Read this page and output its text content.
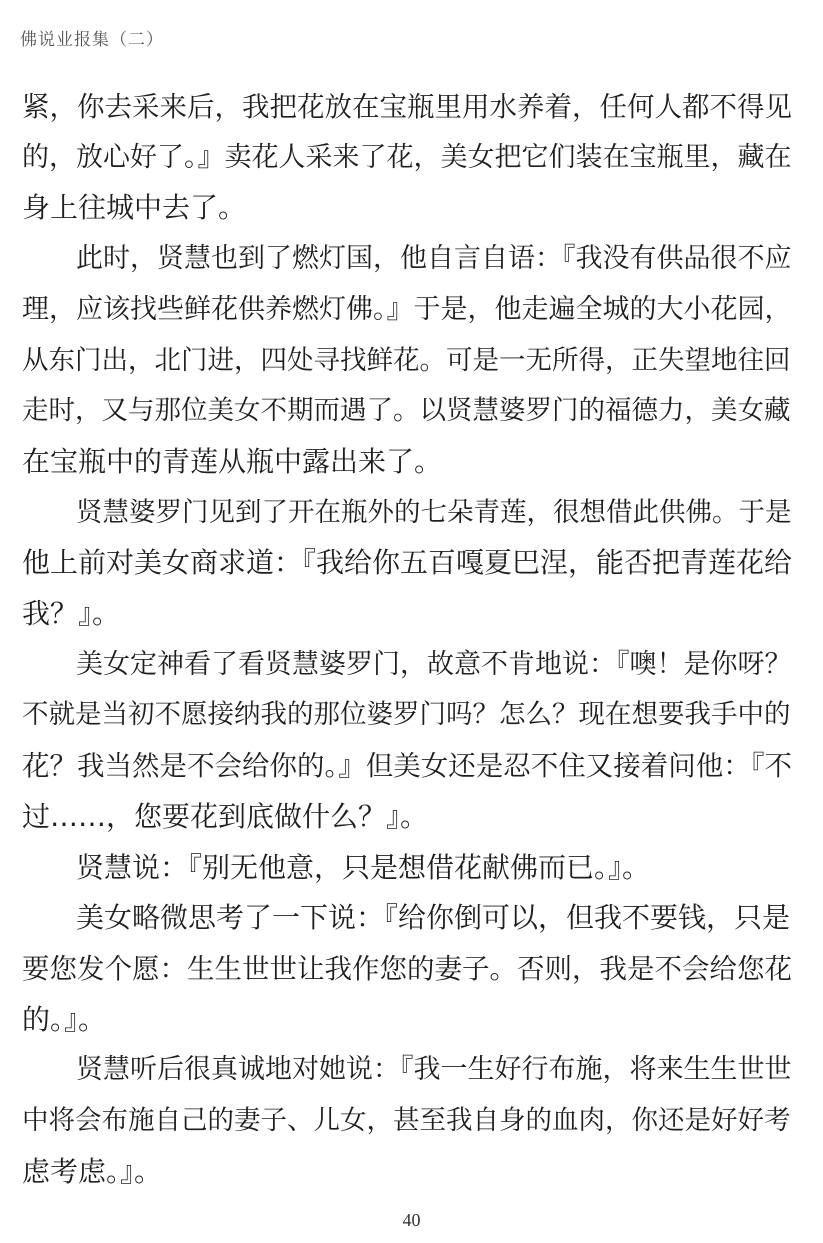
佛说业报集（二）
紧，你去采来后，我把花放在宝瓶里用水养着，任何人都不得见
的，放心好了。』卖花人采来了花，美女把它们装在宝瓶里，藏在
身上往城中去了。
此时，贤慧也到了燃灯国，他自言自语：『我没有供品很不应
理，应该找些鲜花供养燃灯佛。』于是，他走遍全城的大小花园，
从东门出，北门进，四处寻找鲜花。可是一无所得，正失望地往回
走时，又与那位美女不期而遇了。以贤慧婆罗门的福德力，美女藏
在宝瓶中的青莲从瓶中露出来了。
贤慧婆罗门见到了开在瓶外的七朵青莲，很想借此供佛。于是
他上前对美女商求道：『我给你五百嘎夏巴涅，能否把青莲花给
我？』。
美女定神看了看贤慧婆罗门，故意不肯地说：『噢！是你呀？
不就是当初不愿接纳我的那位婆罗门吗？怎么？现在想要我手中的
花？我当然是不会给你的。』但美女还是忍不住又接着问他：『不
过……，您要花到底做什么？』。
贤慧说：『别无他意，只是想借花献佛而已。』。
美女略微思考了一下说：『给你倒可以，但我不要钱，只是
要您发个愿：生生世世让我作您的妻子。否则，我是不会给您花
的。』。
贤慧听后很真诚地对她说：『我一生好行布施，将来生生世世
中将会布施自己的妻子、儿女，甚至我自身的血肉，你还是好好考
虑考虑。』。
40
